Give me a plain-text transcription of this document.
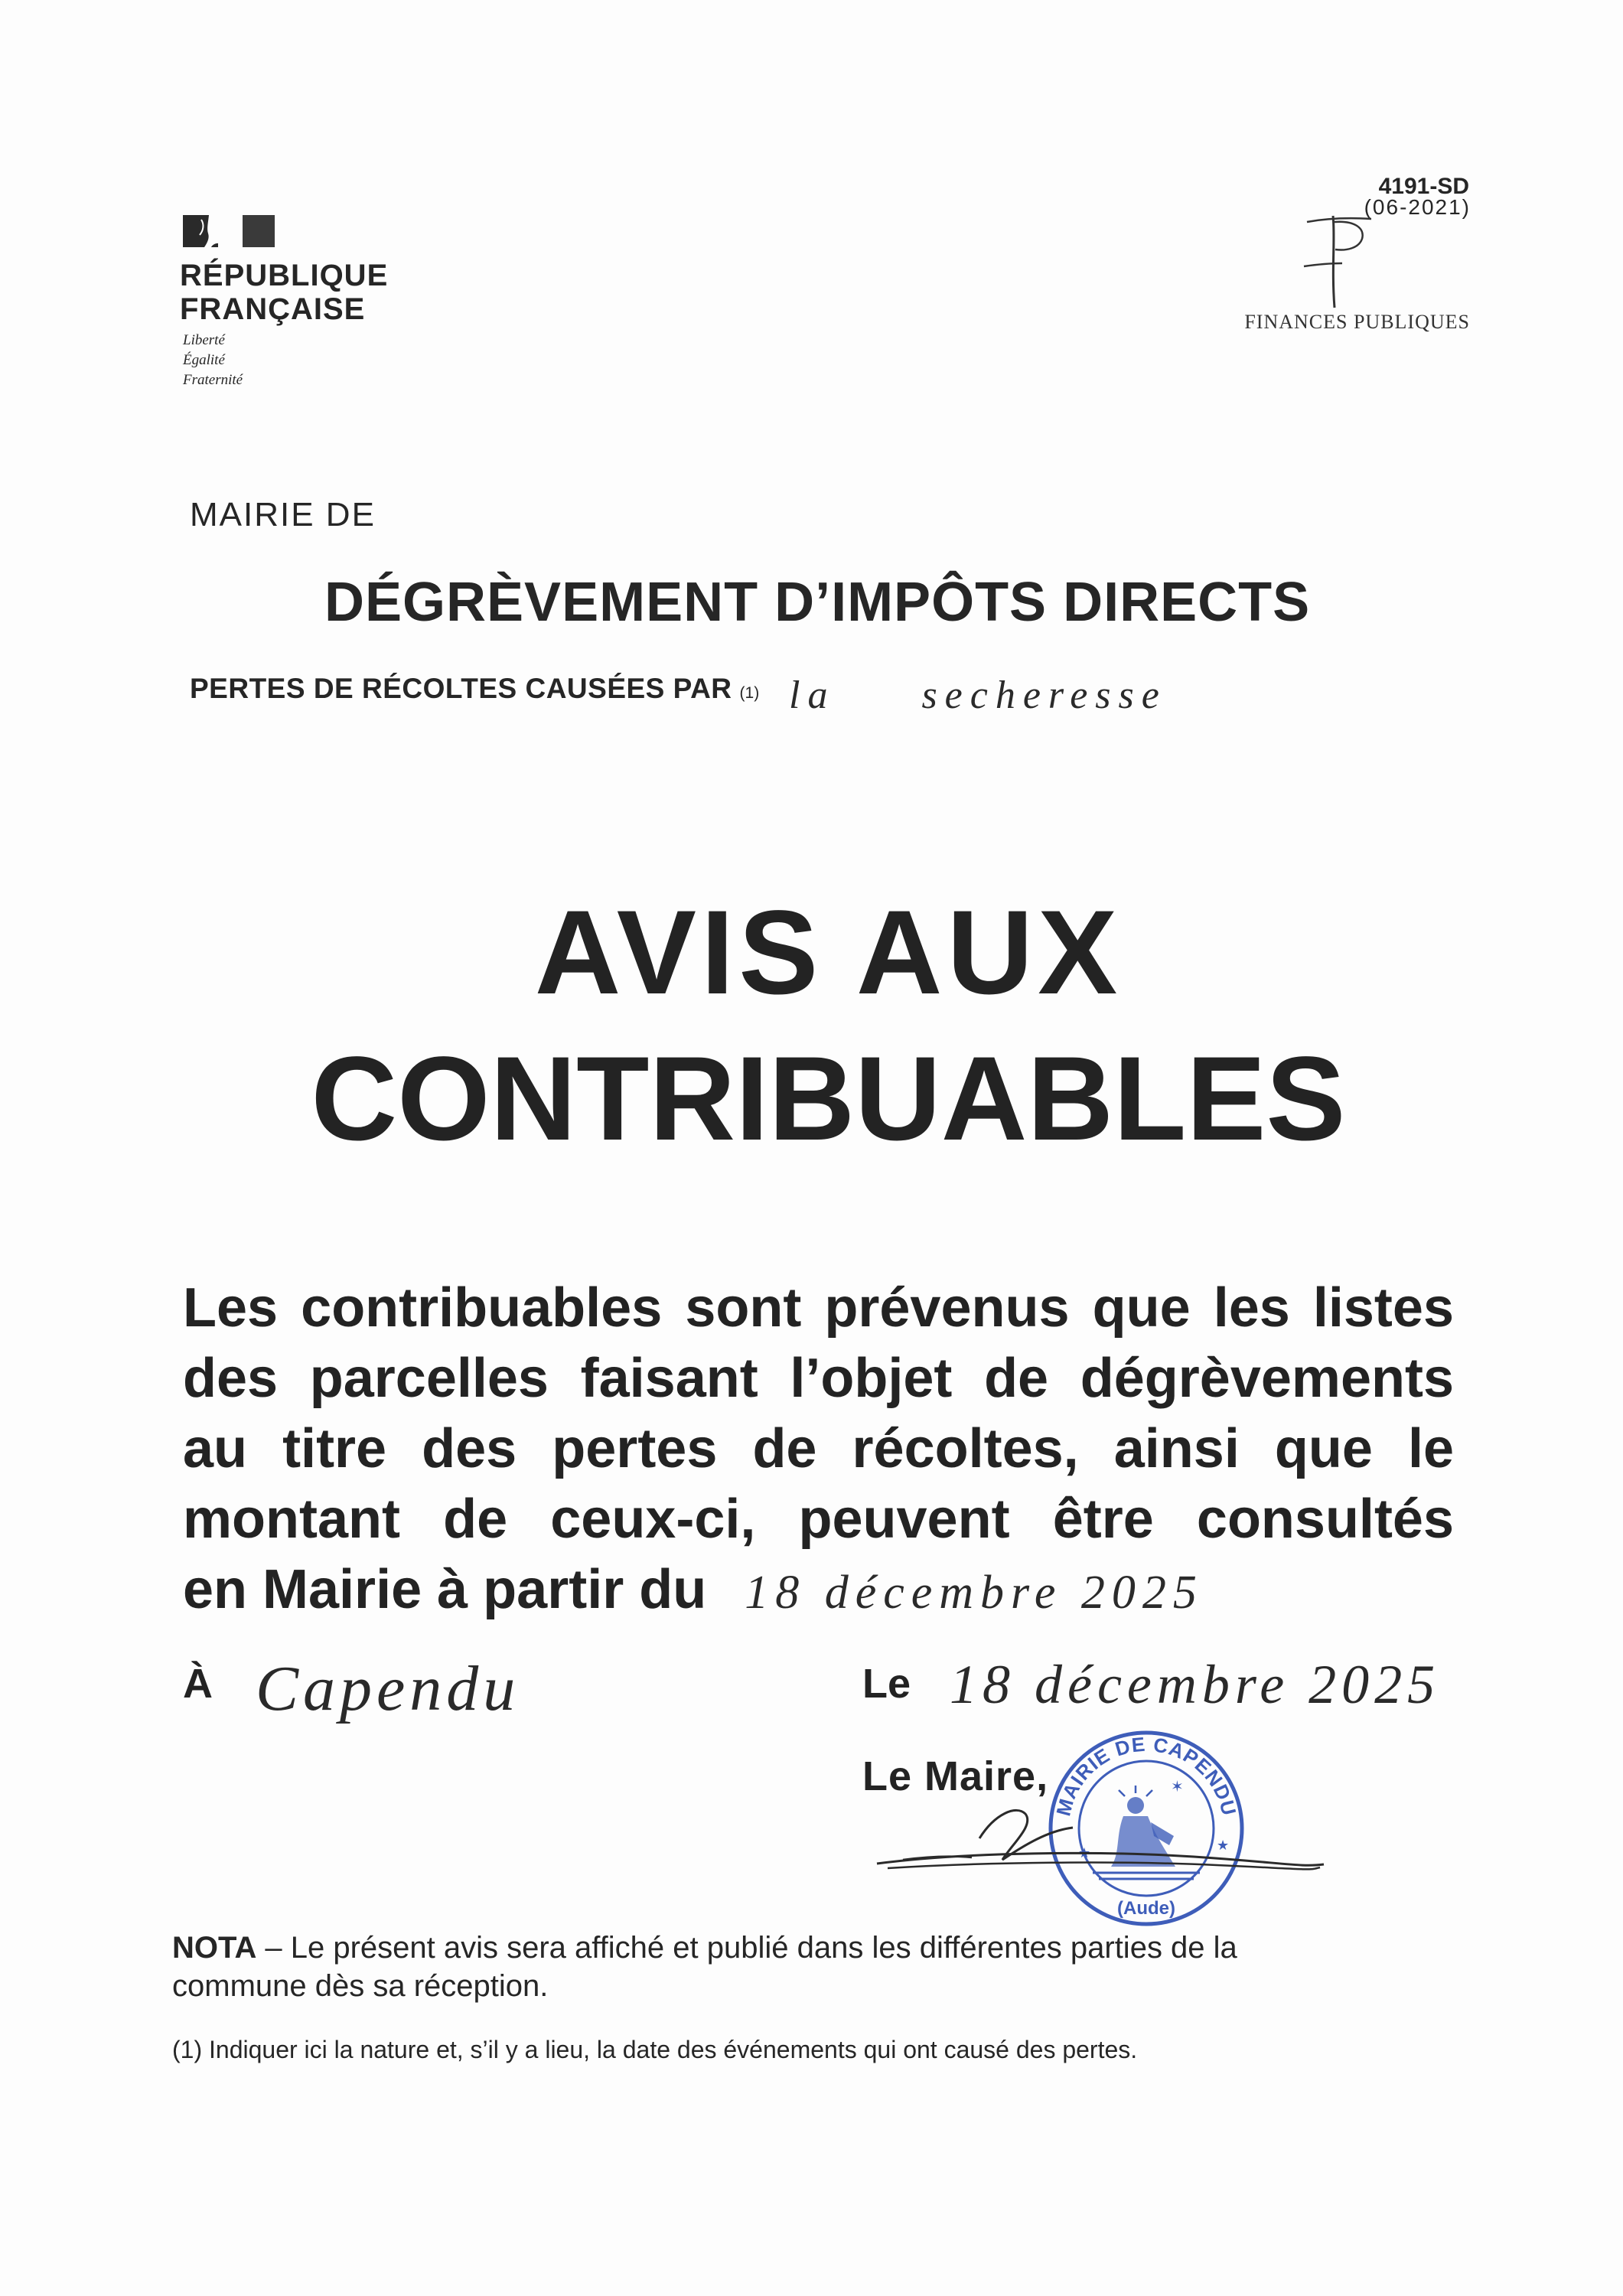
RÉPUBLIQUE
FRANÇAISE
Liberté
Égalité
Fraternité
4191-SD
(06-2021)
FINANCES PUBLIQUES
MAIRIE DE
DÉGRÈVEMENT D’IMPÔTS DIRECTS
PERTES DE RÉCOLTES CAUSÉES PAR (1) la secheresse
AVIS AUX
CONTRIBUABLES
Les contribuables sont prévenus que les listes
des parcelles faisant l’objet de dégrèvements
au titre des pertes de récoltes, ainsi que le
montant de ceux-ci, peuvent être consultés
en Mairie à partir du 18 décembre 2025
À Capendu	Le 18 décembre 2025
Le Maire,
MAIRIE DE CAPENDU
(Aude)
★	★
✶
NOTA – Le présent avis sera affiché et publié dans les différentes parties de la
commune dès sa réception.
(1) Indiquer ici la nature et, s’il y a lieu, la date des événements qui ont causé des pertes.
